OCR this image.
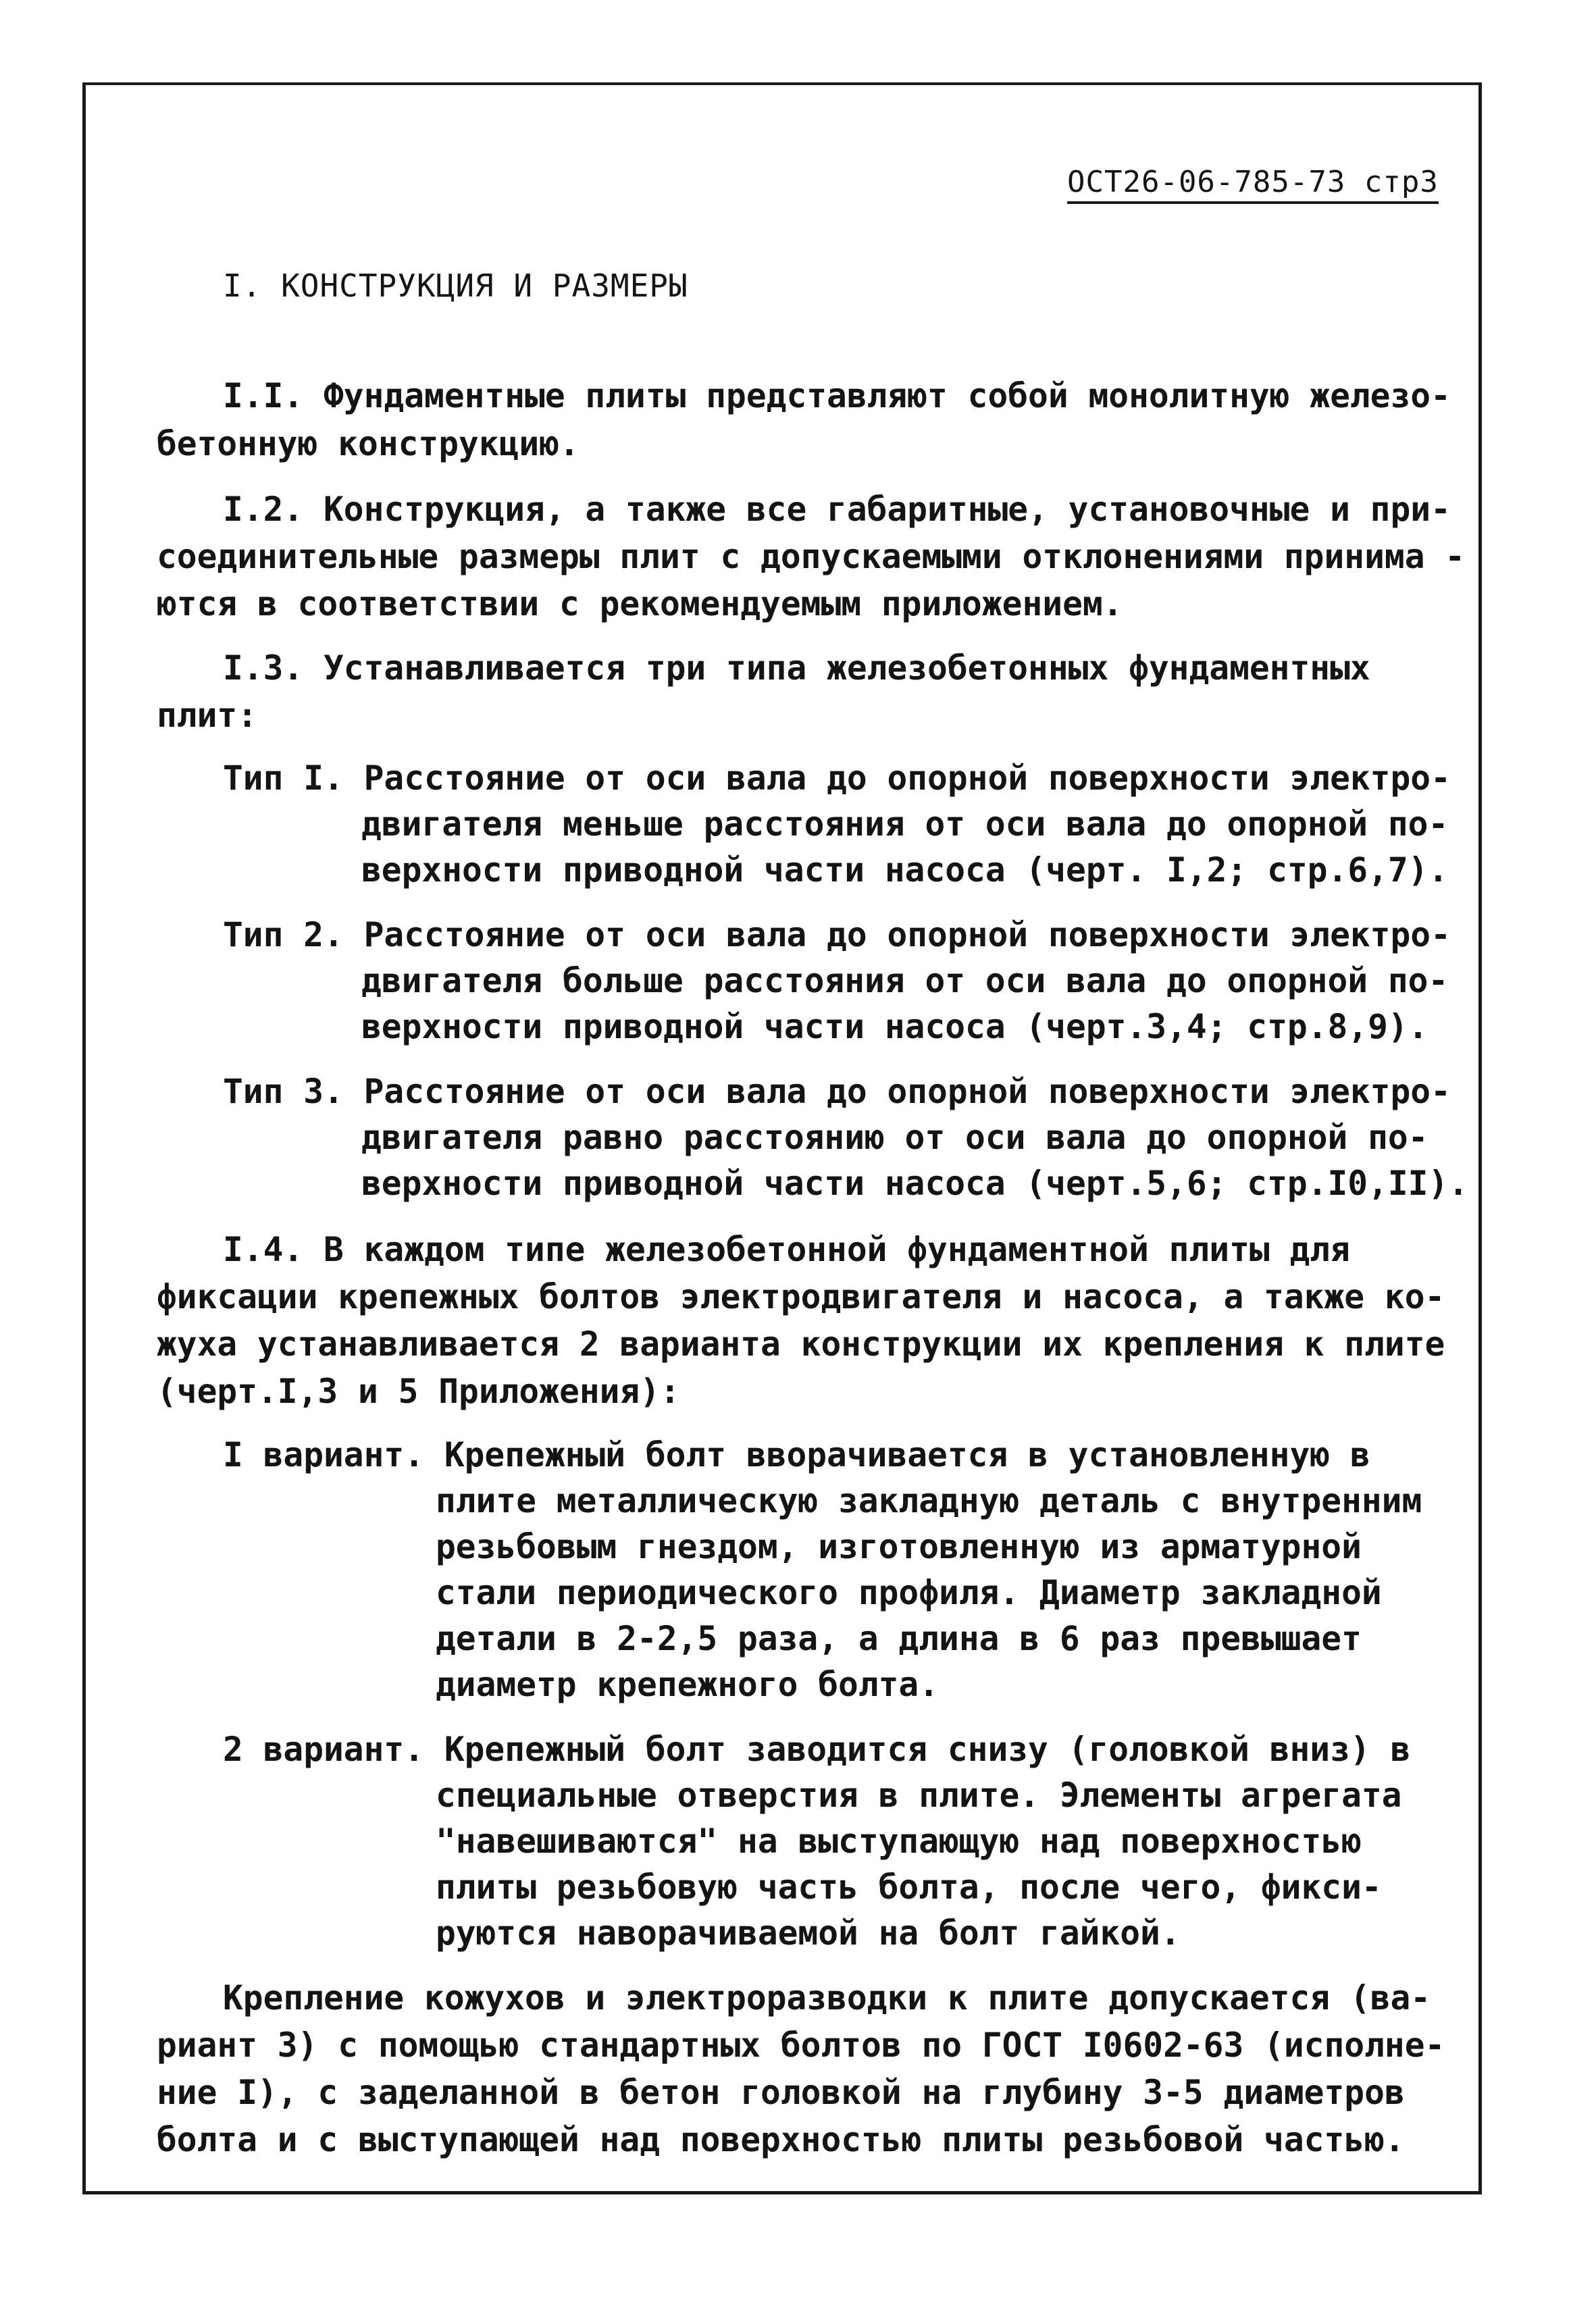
ОСТ26-06-785-73 стр3
I. КОНСТРУКЦИЯ И РАЗМЕРЫ
I.I. Фундаментные плиты представляют собой монолитную железо-
бетонную конструкцию.
I.2. Конструкция, а также все габаритные, установочные и при-
соединительные размеры плит с допускаемыми отклонениями принима -
ются в соответствии с рекомендуемым приложением.
I.3. Устанавливается три типа железобетонных фундаментных
плит:
Тип I. Расстояние от оси вала до опорной поверхности электро-
двигателя меньше расстояния от оси вала до опорной по-
верхности приводной части насоса (черт. I,2; стр.6,7).
Тип 2. Расстояние от оси вала до опорной поверхности электро-
двигателя больше расстояния от оси вала до опорной по-
верхности приводной части насоса (черт.3,4; стр.8,9).
Тип 3. Расстояние от оси вала до опорной поверхности электро-
двигателя равно расстоянию от оси вала до опорной по-
верхности приводной части насоса (черт.5,6; стр.I0,II).
I.4. В каждом типе железобетонной фундаментной плиты для
фиксации крепежных болтов электродвигателя и насоса, а также ко-
жуха устанавливается 2 варианта конструкции их крепления к плите
(черт.I,3 и 5 Приложения):
I вариант. Крепежный болт вворачивается в установленную в
плите металлическую закладную деталь с внутренним
резьбовым гнездом, изготовленную из арматурной
стали периодического профиля. Диаметр закладной
детали в 2-2,5 раза, а длина в 6 раз превышает
диаметр крепежного болта.
2 вариант. Крепежный болт заводится снизу (головкой вниз) в
специальные отверстия в плите. Элементы агрегата
"навешиваются" на выступающую над поверхностью
плиты резьбовую часть болта, после чего, фикси-
руются наворачиваемой на болт гайкой.
Крепление кожухов и электроразводки к плите допускается (ва-
риант 3) с помощью стандартных болтов по ГОСТ I0602-63 (исполне-
ние I), с заделанной в бетон головкой на глубину 3-5 диаметров
болта и с выступающей над поверхностью плиты резьбовой частью.
